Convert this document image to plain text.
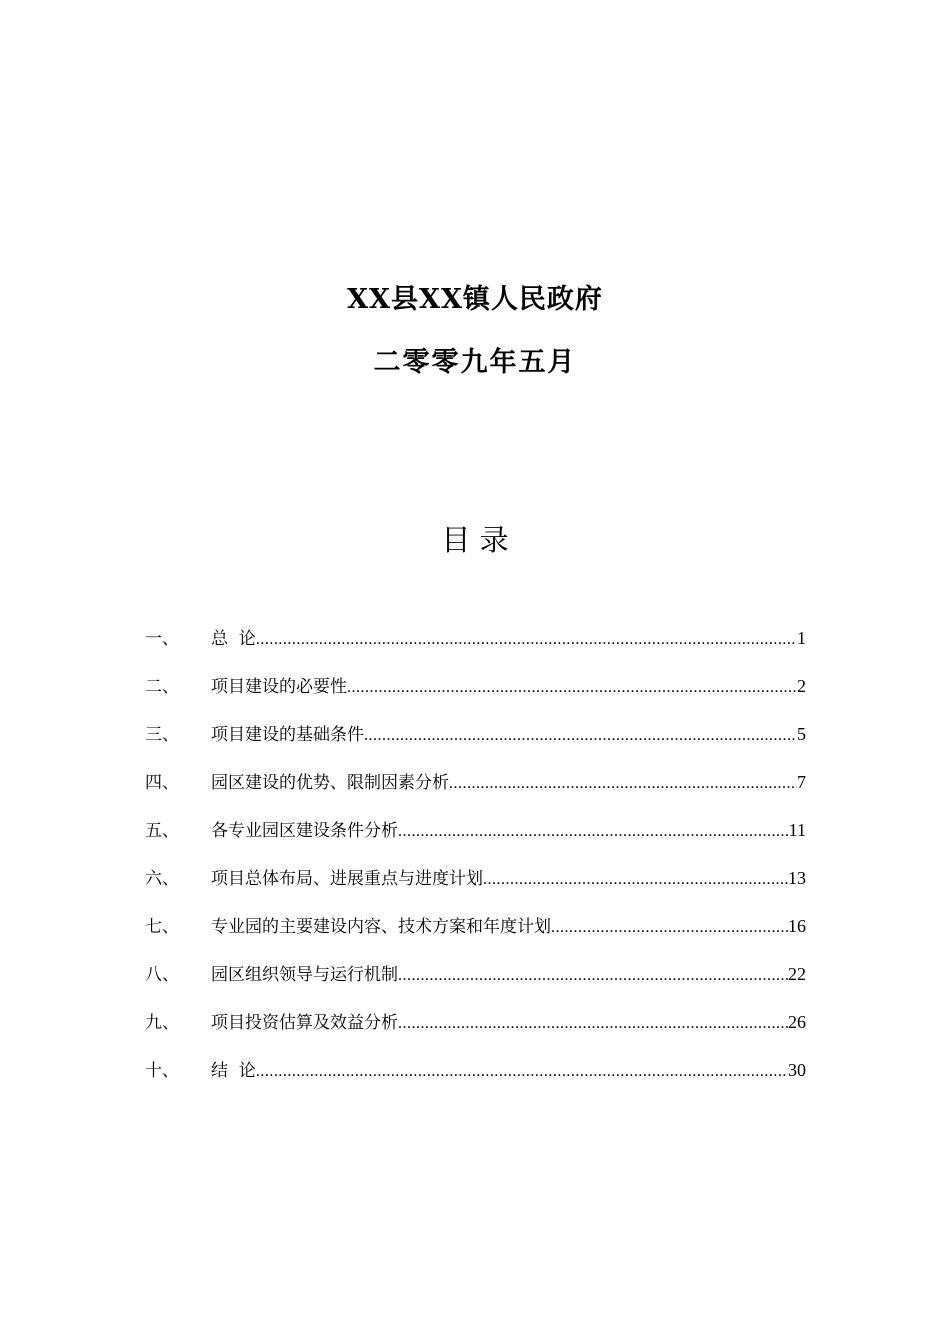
XX县XX镇人民政府
二零零九年五月
目 录
一、	总  论 .....	1
二、	项目建设的必要性 .....	2
三、	项目建设的基础条件 .....	5
四、	园区建设的优势、限制因素分析 .....	7
五、	各专业园区建设条件分析 .....	11
六、	项目总体布局、进展重点与进度计划 .....	13
七、	专业园的主要建设内容、技术方案和年度计划 .....	16
八、	园区组织领导与运行机制 .....	22
九、	项目投资估算及效益分析 .....	26
十、	结  论 .....	30
